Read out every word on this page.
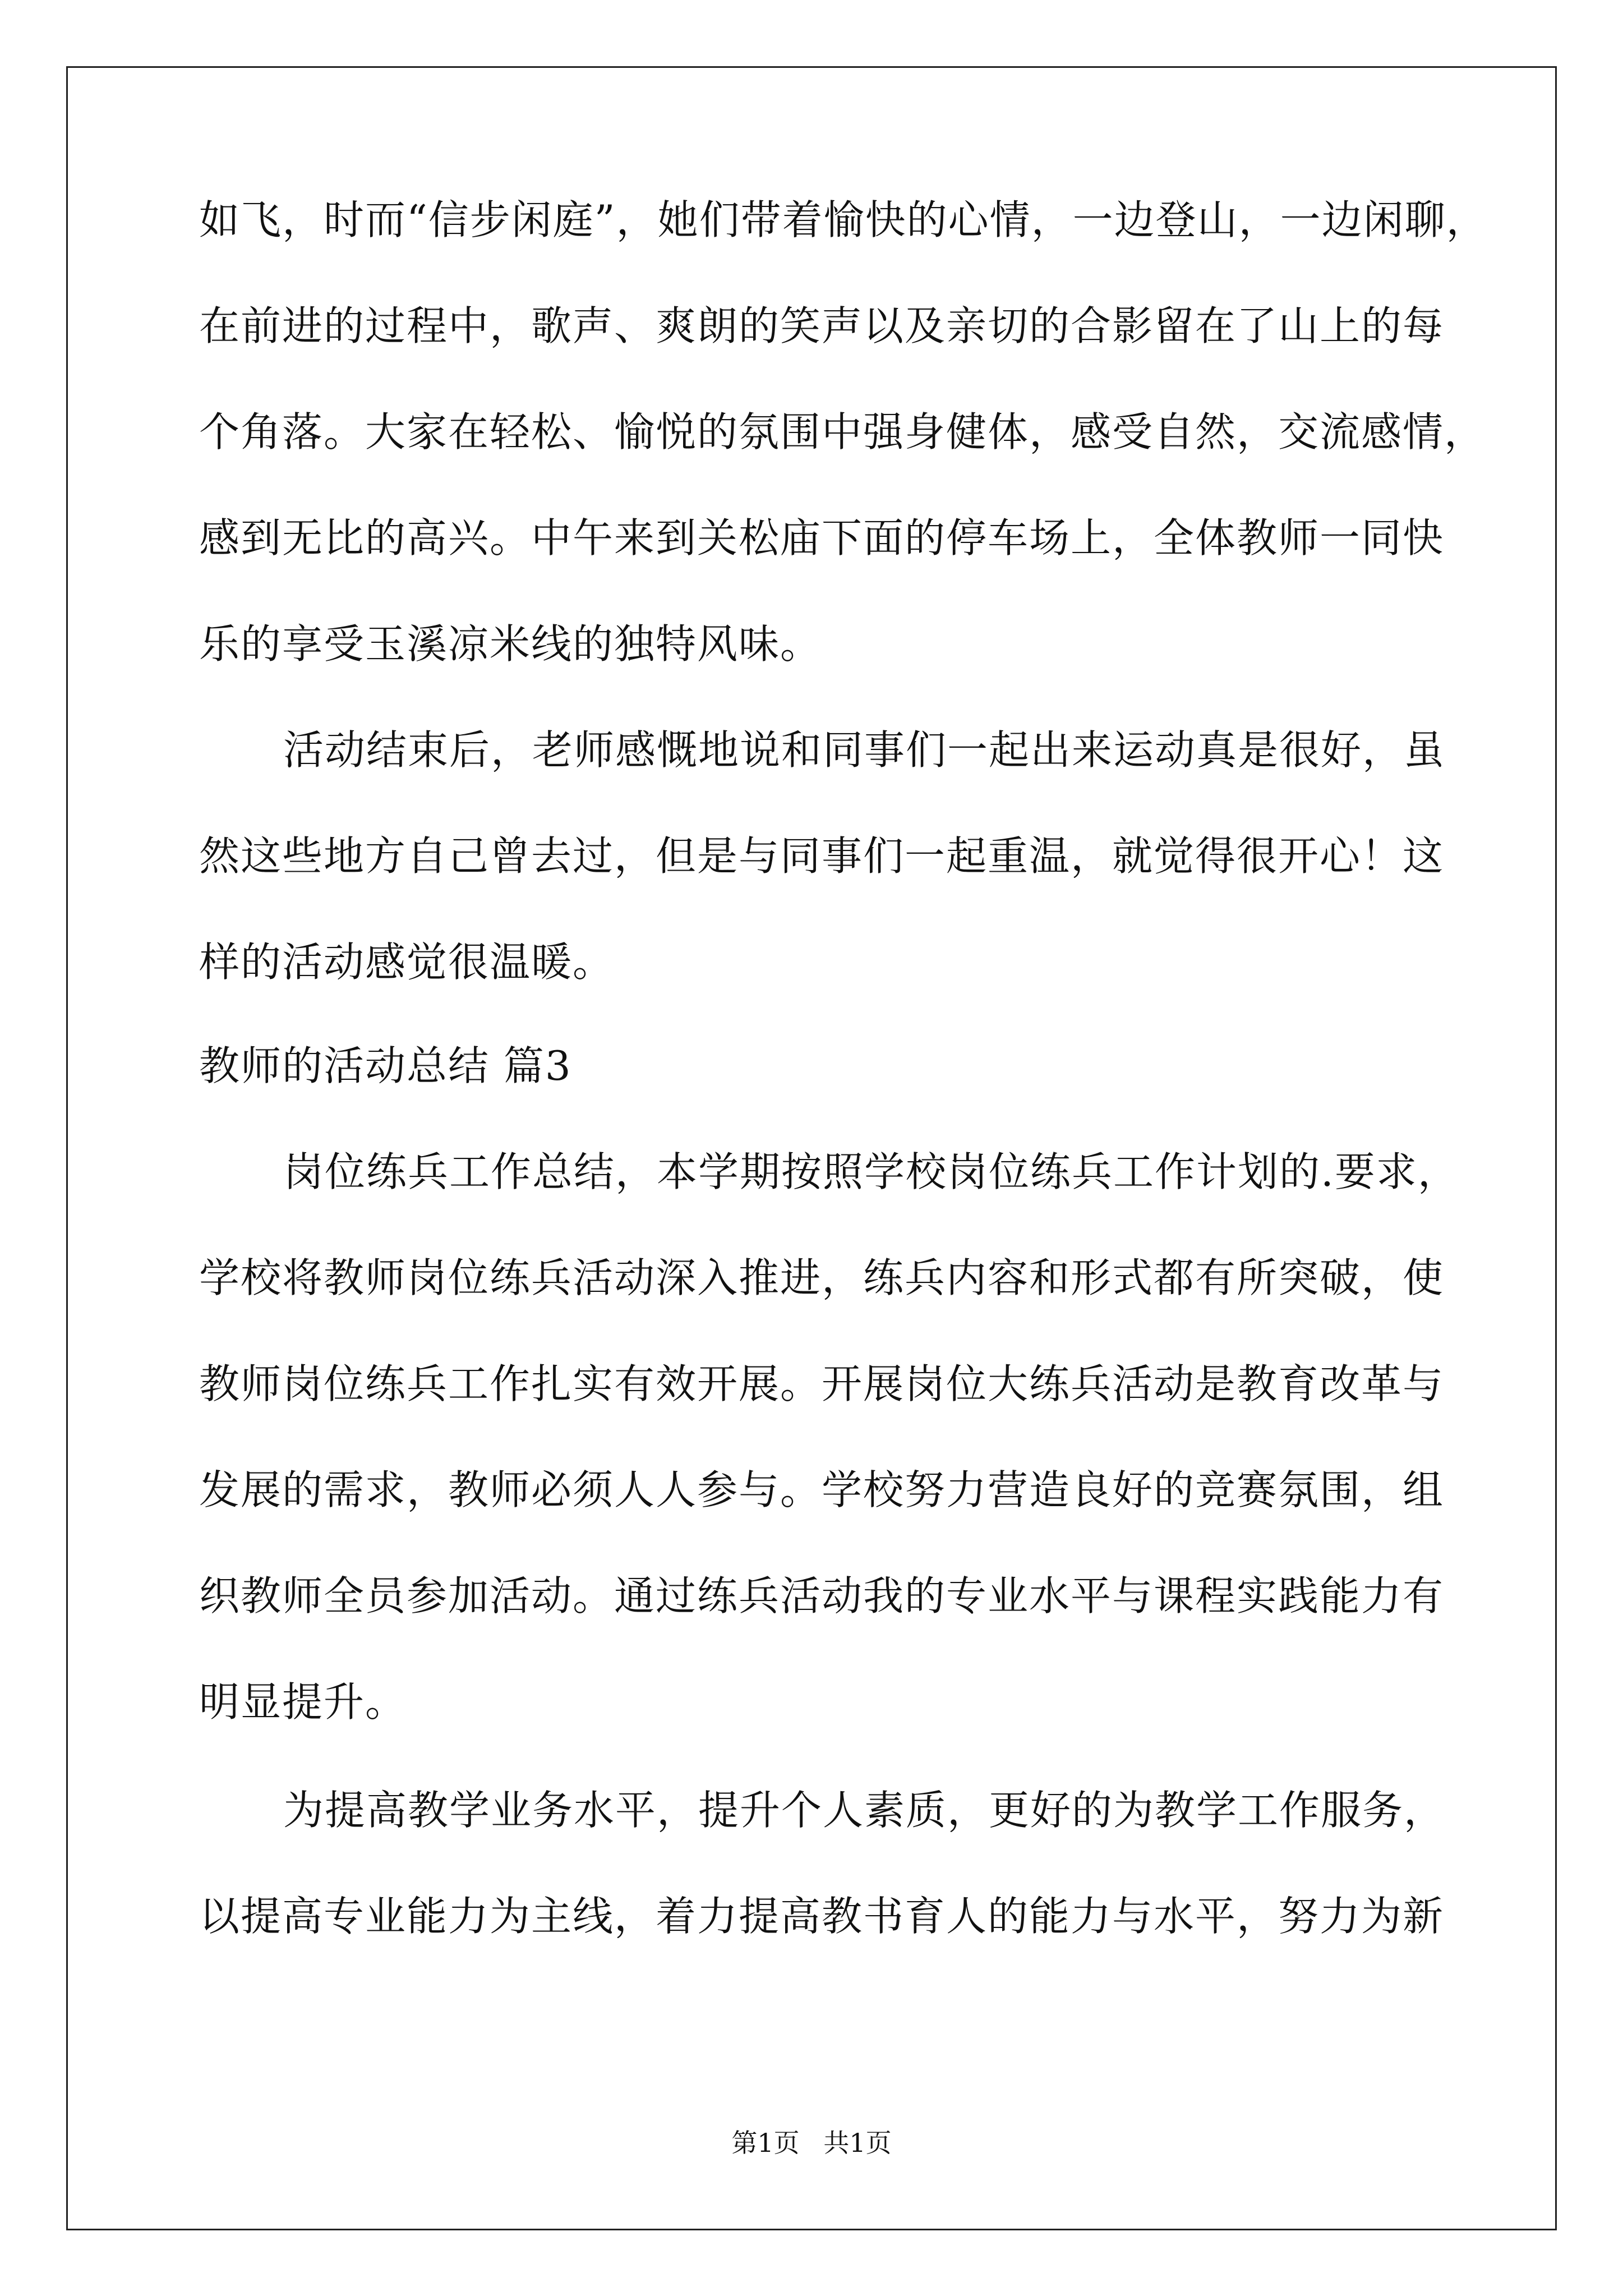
如飞，时而“信步闲庭”，她们带着愉快的心情，一边登山，一边闲聊，
在前进的过程中，歌声、爽朗的笑声以及亲切的合影留在了山上的每
个角落。大家在轻松、愉悦的氛围中强身健体，感受自然，交流感情，
感到无比的高兴。中午来到关松庙下面的停车场上，全体教师一同快
乐的享受玉溪凉米线的独特风味。
活动结束后，老师感慨地说和同事们一起出来运动真是很好，虽
然这些地方自己曾去过，但是与同事们一起重温，就觉得很开心！这
样的活动感觉很温暖。
教师的活动总结 篇3
岗位练兵工作总结，本学期按照学校岗位练兵工作计划的.要求，
学校将教师岗位练兵活动深入推进，练兵内容和形式都有所突破，使
教师岗位练兵工作扎实有效开展。开展岗位大练兵活动是教育改革与
发展的需求，教师必须人人参与。学校努力营造良好的竞赛氛围，组
织教师全员参加活动。通过练兵活动我的专业水平与课程实践能力有
明显提升。
为提高教学业务水平，提升个人素质，更好的为教学工作服务，
以提高专业能力为主线，着力提高教书育人的能力与水平，努力为新
第1页 共1页
